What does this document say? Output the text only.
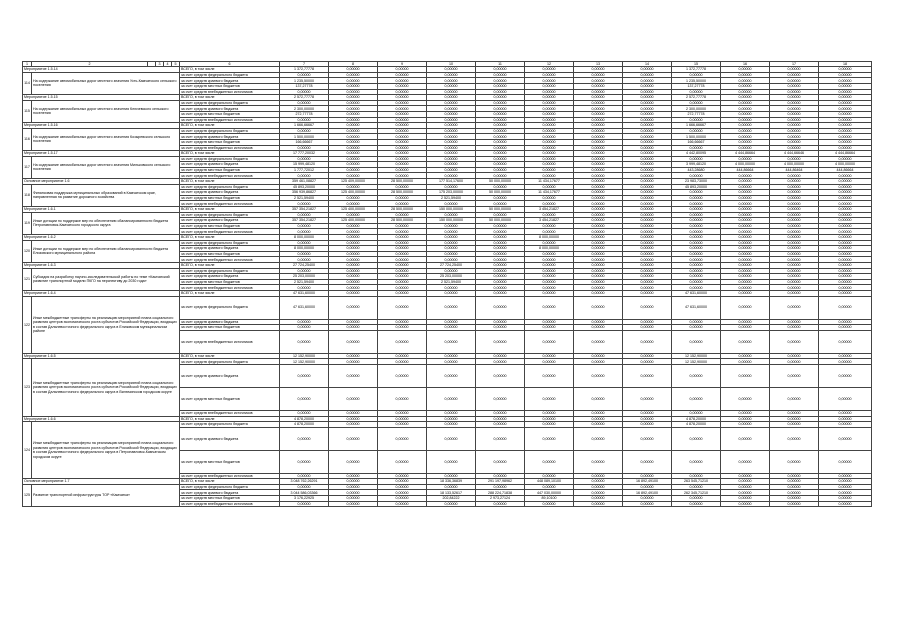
1	2		3	4	5	6	7	8	9	10	11	12	13	14	15	16	17	18
Мероприятие 1.5.14						ВСЕГО, в том числе	1 372,77778	0,00000	0,00000	0,00000	0,00000	0,00000	0,00000	0,00000	1 372,77778	0,00000	0,00000	0,00000
114	На содержание автомобильных дорог местного значения Усть-Камчатского сельского поселения					за счет средств федерального бюджета	0,00000	0,00000	0,00000	0,00000	0,00000	0,00000	0,00000	0,00000	0,00000	0,00000	0,00000	0,00000
						за счет средств краевого бюджета	1 235,50000	0,00000	0,00000	0,00000	0,00000	0,00000	0,00000	0,00000	1 235,50000	0,00000	0,00000	0,00000
						за счет средств местных бюджетов	137,27778	0,00000	0,00000	0,00000	0,00000	0,00000	0,00000	0,00000	137,27778	0,00000	0,00000	0,00000
						за счет средств внебюджетных источников	0,00000	0,00000	0,00000	0,00000	0,00000	0,00000	0,00000	0,00000	0,00000	0,00000	0,00000	0,00000
Мероприятие 1.5.15						ВСЕГО, в том числе	2 572,77778	0,00000	0,00000	0,00000	0,00000	0,00000	0,00000	0,00000	2 572,77778	0,00000	0,00000	0,00000
115	На содержание автомобильных дорог местного значения Ключевского сельского поселения					за счет средств федерального бюджета	0,00000	0,00000	0,00000	0,00000	0,00000	0,00000	0,00000	0,00000	0,00000	0,00000	0,00000	0,00000
						за счет средств краевого бюджета	2 300,00000	0,00000	0,00000	0,00000	0,00000	0,00000	0,00000	0,00000	2 300,00000	0,00000	0,00000	0,00000
						за счет средств местных бюджетов	272,77778	0,00000	0,00000	0,00000	0,00000	0,00000	0,00000	0,00000	272,77778	0,00000	0,00000	0,00000
						за счет средств внебюджетных источников	0,00000	0,00000	0,00000	0,00000	0,00000	0,00000	0,00000	0,00000	0,00000	0,00000	0,00000	0,00000
Мероприятие 1.5.16						ВСЕГО, в том числе	1 666,66667	0,00000	0,00000	0,00000	0,00000	0,00000	0,00000	0,00000	1 666,66667	0,00000	0,00000	0,00000
116	На содержание автомобильных дорог местного значения Козыревского сельского поселения					за счет средств федерального бюджета	0,00000	0,00000	0,00000	0,00000	0,00000	0,00000	0,00000	0,00000	0,00000	0,00000	0,00000	0,00000
						за счет средств краевого бюджета	1 500,00000	0,00000	0,00000	0,00000	0,00000	0,00000	0,00000	0,00000	1 500,00000	0,00000	0,00000	0,00000
						за счет средств местных бюджетов	166,66667	0,00000	0,00000	0,00000	0,00000	0,00000	0,00000	0,00000	166,66667	0,00000	0,00000	0,00000
						за счет средств внебюджетных источников	0,00000	0,00000	0,00000	0,00000	0,00000	0,00000	0,00000	0,00000	0,00000	0,00000	0,00000	0,00000
Мероприятие 1.5.17						ВСЕГО, в том числе	17 777,20032	0,00000	0,00000	0,00000	0,00000	0,00000	0,00000	0,00000	4 442,80095	4 444,86664	4 444,66646	4 444,86664
117	На содержание автомобильных дорог местного значения Мильковского сельского поселения					за счет средств федерального бюджета	0,00000	0,00000	0,00000	0,00000	0,00000	0,00000	0,00000	0,00000	0,00000	0,00000	0,00000	0,00000
						за счет средств краевого бюджета	15 999,48120	0,00000	0,00000	0,00000	0,00000	0,00000	0,00000	0,00000	3 999,48120	4 000,00000	4 000,00000	4 000,00000
						за счет средств местных бюджетов	1 777,72012	0,00000	0,00000	0,00000	0,00000	0,00000	0,00000	0,00000	443,28680	444,86664	444,86464	444,86664
						за счет средств внебюджетных источников	0,00000	0,00000	0,00000	0,00000	0,00000	0,00000	0,00000	0,00000	0,00000	0,00000	0,00000	0,00000
Основное мероприятие 1.6						ВСЕГО, в том числе	359 461,08827	125 409,00000	28 500,00000	177 514,17600	50 000,00000	11 434,17677	0,00000	0,00000	23 983,73000	0,00000	0,00000	0,00000
118	Финансовая поддержка муниципальных образований в Камчатском крае, направленная на развитие дорожного хозяйства					за счет средств федерального бюджета	45 893,20000	0,00000	0,00000	0,00000	0,00000	0,00000	0,00000	0,00000	45 893,20000	0,00000	0,00000	0,00000
						за счет средств краевого бюджета	356 939,86827	125 400,00000	28 500,00000	175 203,00000	50 000,00000	11 434,17677	0,00000	0,00000	0,00000	0,00000	0,00000	0,00000
						за счет средств местных бюджетов	2 521,59400	0,00000	0,00000	2 521,59400	0,00000	0,00000	0,00000	0,00000	0,00000	0,00000	0,00000	0,00000
						за счет средств внебюджетных источников	0,00000	0,00000	0,00000	0,00000	0,00000	0,00000	0,00000	0,00000	0,00000	0,00000	0,00000	0,00000
Мероприятие 1.6.1						ВСЕГО, в том числе	357 354,21827	125 400,00000	28 500,00000	150 000,00000	50 000,00000	3 454,21827	0,00000	0,00000	0,00000	0,00000	0,00000	0,00000
119	Иные дотации по поддержке мер по обеспечению сбалансированности бюджета Петропавловск-Камчатского городского округа					за счет средств федерального бюджета	0,00000	0,00000	0,00000	0,00000	0,00000	0,00000	0,00000	0,00000	0,00000	0,00000	0,00000	0,00000
						за счет средств краевого бюджета	357 354,21827	125 400,00000	28 500,00000	150 000,00000	50 000,00000	3 454,21827	0,00000	0,00000	0,00000	0,00000	0,00000	0,00000
						за счет средств местных бюджетов	0,00000	0,00000	0,00000	0,00000	0,00000	0,00000	0,00000	0,00000	0,00000	0,00000	0,00000	0,00000
						за счет средств внебюджетных источников	0,00000	0,00000	0,00000	0,00000	0,00000	0,00000	0,00000	0,00000	0,00000	0,00000	0,00000	0,00000
Мероприятие 1.6.2						ВСЕГО, в том числе	8 000,00000	0,00000	0,00000	0,00000	0,00000	8 000,00000	0,00000	0,00000	0,00000	0,00000	0,00000	0,00000
120	Иные дотации по поддержке мер по обеспечению сбалансированности бюджета Елизовского муниципального района					за счет средств федерального бюджета	0,00000	0,00000	0,00000	0,00000	0,00000	0,00000	0,00000	0,00000	0,00000	0,00000	0,00000	0,00000
						за счет средств краевого бюджета	8 000,00000	0,00000	0,00000	0,00000	0,00000	8 000,00000	0,00000	0,00000	0,00000	0,00000	0,00000	0,00000
						за счет средств местных бюджетов	0,00000	0,00000	0,00000	0,00000	0,00000	0,00000	0,00000	0,00000	0,00000	0,00000	0,00000	0,00000
						за счет средств внебюджетных источников	0,00000	0,00000	0,00000	0,00000	0,00000	0,00000	0,00000	0,00000	0,00000	0,00000	0,00000	0,00000
Мероприятие 1.6.3						ВСЕГО, в том числе	27 724,25400	0,00000	0,00000	27 724,25400	0,00000	0,00000	0,00000	0,00000	0,00000	0,00000	0,00000	0,00000
121	Субсидия на разработку научно-исследовательской работы по теме «Камчатский развитие транспортной модели ПКГО на перспективу до 2030 года»					за счет средств федерального бюджета	0,00000	0,00000	0,00000	0,00000	0,00000	0,00000	0,00000	0,00000	0,00000	0,00000	0,00000	0,00000
						за счет средств краевого бюджета	25 203,00000	0,00000	0,00000	25 203,00000	0,00000	0,00000	0,00000	0,00000	0,00000	0,00000	0,00000	0,00000
						за счет средств местных бюджетов	2 521,59400	0,00000	0,00000	2 521,59400	0,00000	0,00000	0,00000	0,00000	0,00000	0,00000	0,00000	0,00000
						за счет средств внебюджетных источников	0,00000	0,00000	0,00000	0,00000	0,00000	0,00000	0,00000	0,00000	0,00000	0,00000	0,00000	0,00000
Мероприятие 1.6.4						ВСЕГО, в том числе	47 631,60000	0,00000	0,00000	0,00000	0,00000	0,00000	0,00000	0,00000	47 631,60000	0,00000	0,00000	0,00000
122	Иные межбюджетные трансферты на реализацию мероприятий плана социального развития центров экономического роста субъектов Российской Федерации, входящих в состав Дальневосточного федерального округа в Елизовском муниципальном районе					за счет средств федерального бюджета	47 631,60000	0,00000	0,00000	0,00000	0,00000	0,00000	0,00000	0,00000	47 631,60000	0,00000	0,00000	0,00000
						за счет средств краевого бюджета	0,00000	0,00000	0,00000	0,00000	0,00000	0,00000	0,00000	0,00000	0,00000	0,00000	0,00000	0,00000
						за счет средств местных бюджетов	0,00000	0,00000	0,00000	0,00000	0,00000	0,00000	0,00000	0,00000	0,00000	0,00000	0,00000	0,00000
						за счет средств внебюджетных источников	0,00000	0,00000	0,00000	0,00000	0,00000	0,00000	0,00000	0,00000	0,00000	0,00000	0,00000	0,00000
Мероприятие 1.6.5						ВСЕГО, в том числе	12 152,90000	0,00000	0,00000	0,00000	0,00000	0,00000	0,00000	0,00000	12 152,90000	0,00000	0,00000	0,00000
123	Иные межбюджетные трансферты на реализацию мероприятий плана социального развития центров экономического роста субъектов Российской Федерации, входящих в состав Дальневосточного федерального округа в Вилючинском городском округе					за счет средств федерального бюджета	12 152,90000	0,00000	0,00000	0,00000	0,00000	0,00000	0,00000	0,00000	12 152,90000	0,00000	0,00000	0,00000
						за счет средств краевого бюджета	0,00000	0,00000	0,00000	0,00000	0,00000	0,00000	0,00000	0,00000	0,00000	0,00000	0,00000	0,00000
						за счет средств местных бюджетов	0,00000	0,00000	0,00000	0,00000	0,00000	0,00000	0,00000	0,00000	0,00000	0,00000	0,00000	0,00000
						за счет средств внебюджетных источников	0,00000	0,00000	0,00000	0,00000	0,00000	0,00000	0,00000	0,00000	0,00000	0,00000	0,00000	0,00000
Мероприятие 1.6.6						ВСЕГО, в том числе	4 878,20000	0,00000	0,00000	0,00000	0,00000	0,00000	0,00000	0,00000	4 878,20000	0,00000	0,00000	0,00000
124	Иные межбюджетные трансферты на реализацию мероприятий плана социального развития центров экономического роста субъектов Российской Федерации, входящих в состав Дальневосточного федерального округа в Петропавловск-Камчатском городском округе					за счет средств федерального бюджета	4 878,20000	0,00000	0,00000	0,00000	0,00000	0,00000	0,00000	0,00000	4 878,20000	0,00000	0,00000	0,00000
						за счет средств краевого бюджета	0,00000	0,00000	0,00000	0,00000	0,00000	0,00000	0,00000	0,00000	0,00000	0,00000	0,00000	0,00000
						за счет средств местных бюджетов	0,00000	0,00000	0,00000	0,00000	0,00000	0,00000	0,00000	0,00000	0,00000	0,00000	0,00000	0,00000
						за счет средств внебюджетных источников	0,00000	0,00000	0,00000	0,00000	0,00000	0,00000	0,00000	0,00000	0,00000	0,00000	0,00000	0,00000
Основное мероприятие 1.7						ВСЕГО, в том числе	3 048 762,26291	0,00000	0,00000	18 336,36839	291 197,98962	448 089,10100	0,00000	16 892,49100	263 545,71210	0,00000	0,00000	0,00000
125	Развитие транспортной инфраструктуры ТОР «Камчатка»					за счет средств федерального бюджета	0,00000	0,00000	0,00000	0,00000	0,00000	0,00000	0,00000	0,00000	0,00000	0,00000	0,00000	0,00000
						за счет средств краевого бюджета	3 044 586,03366	0,00000	0,00000	18 133,52617	288 224,71838	447 030,00000	0,00000	16 892,49100	262 345,71210	0,00000	0,00000	0,00000
						за счет средств местных бюджетов	3 176,22925	0,00000	0,00000	202,84222	2 973,27124	89,10100	0,00000	0,00000	0,00000	0,00000	0,00000	0,00000
						за счет средств внебюджетных источников	0,00000	0,00000	0,00000	0,00000	0,00000	0,00000	0,00000	0,00000	0,00000	0,00000	0,00000	0,00000
